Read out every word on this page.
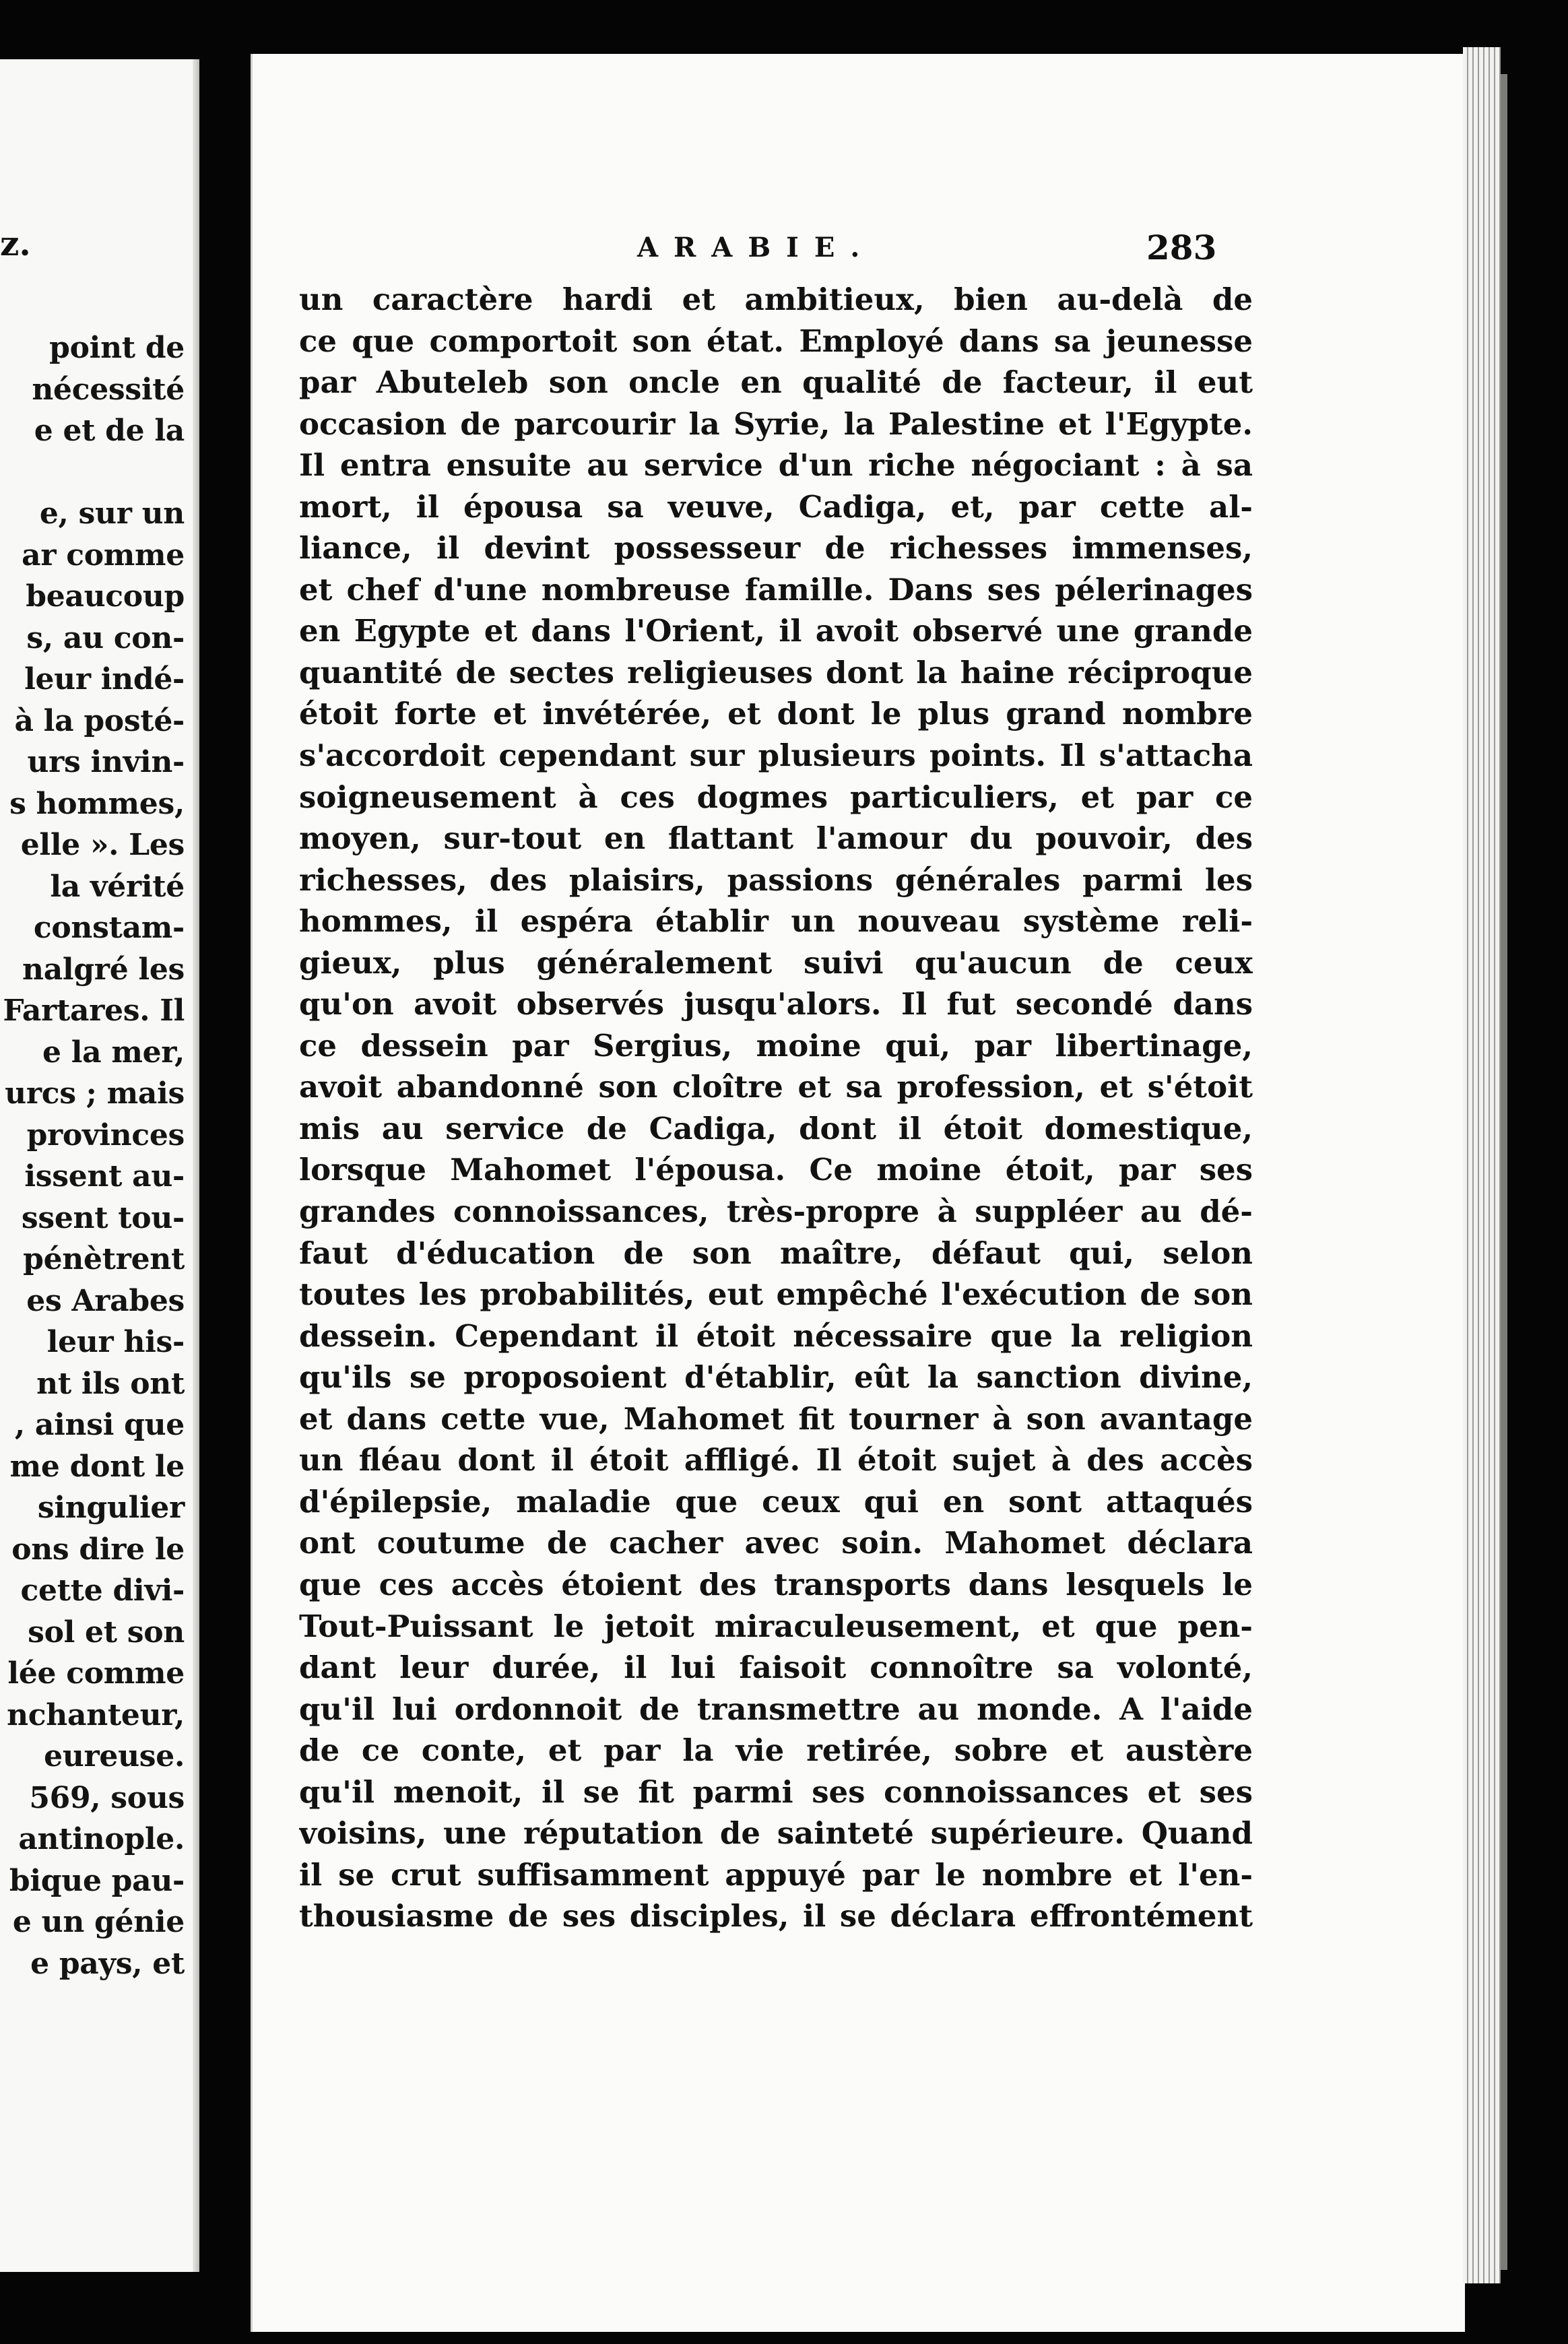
z.
point de
nécessité
e et de la
e, sur un
ar comme
beaucoup
s, au con-
leur indé-
à la posté-
urs invin-
s hommes,
elle ». Les
la vérité
constam-
nalgré les
Fartares. Il
e la mer,
urcs ; mais
provinces
issent au-
ssent tou-
pénètrent
es Arabes
leur his-
nt ils ont
, ainsi que
me dont le
singulier
ons dire le
cette divi-
sol et son
lée comme
nchanteur,
eureuse.
569, sous
antinople.
bique pau-
e un génie
e pays, et
ARABIE.	283
un caractère hardi et ambitieux, bien au-delà de
ce que comportoit son état. Employé dans sa jeunesse
par Abuteleb son oncle en qualité de facteur, il eut
occasion de parcourir la Syrie, la Palestine et l'Egypte.
Il entra ensuite au service d'un riche négociant : à sa
mort, il épousa sa veuve, Cadiga, et, par cette al-
liance, il devint possesseur de richesses immenses,
et chef d'une nombreuse famille. Dans ses pélerinages
en Egypte et dans l'Orient, il avoit observé une grande
quantité de sectes religieuses dont la haine réciproque
étoit forte et invétérée, et dont le plus grand nombre
s'accordoit cependant sur plusieurs points. Il s'attacha
soigneusement à ces dogmes particuliers, et par ce
moyen, sur-tout en flattant l'amour du pouvoir, des
richesses, des plaisirs, passions générales parmi les
hommes, il espéra établir un nouveau système reli-
gieux, plus généralement suivi qu'aucun de ceux
qu'on avoit observés jusqu'alors. Il fut secondé dans
ce dessein par Sergius, moine qui, par libertinage,
avoit abandonné son cloître et sa profession, et s'étoit
mis au service de Cadiga, dont il étoit domestique,
lorsque Mahomet l'épousa. Ce moine étoit, par ses
grandes connoissances, très-propre à suppléer au dé-
faut d'éducation de son maître, défaut qui, selon
toutes les probabilités, eut empêché l'exécution de son
dessein. Cependant il étoit nécessaire que la religion
qu'ils se proposoient d'établir, eût la sanction divine,
et dans cette vue, Mahomet fit tourner à son avantage
un fléau dont il étoit affligé. Il étoit sujet à des accès
d'épilepsie, maladie que ceux qui en sont attaqués
ont coutume de cacher avec soin. Mahomet déclara
que ces accès étoient des transports dans lesquels le
Tout-Puissant le jetoit miraculeusement, et que pen-
dant leur durée, il lui faisoit connoître sa volonté,
qu'il lui ordonnoit de transmettre au monde. A l'aide
de ce conte, et par la vie retirée, sobre et austère
qu'il menoit, il se fit parmi ses connoissances et ses
voisins, une réputation de sainteté supérieure. Quand
il se crut suffisamment appuyé par le nombre et l'en-
thousiasme de ses disciples, il se déclara effrontément
